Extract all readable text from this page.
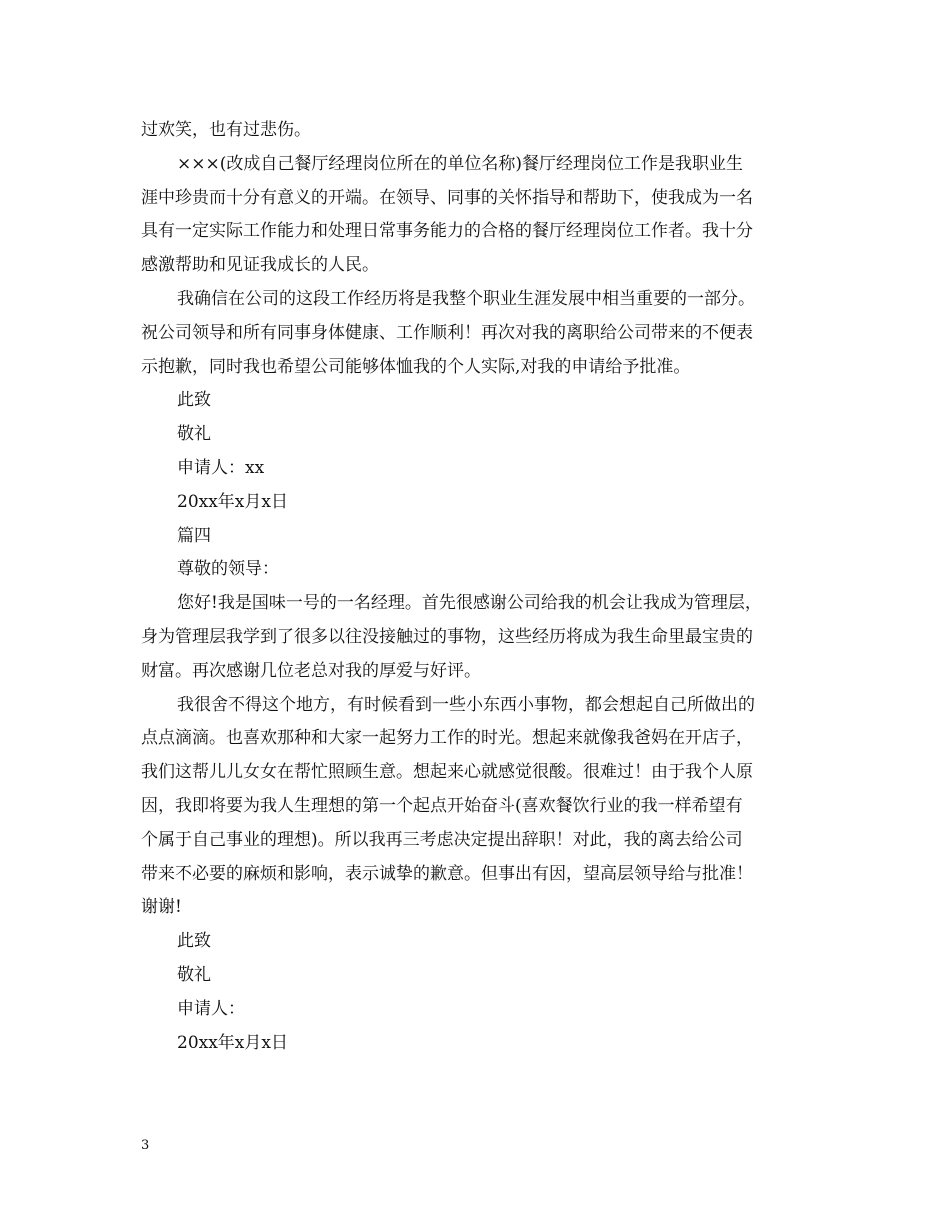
过欢笑，也有过悲伤。
×××(改成自己餐厅经理岗位所在的单位名称)餐厅经理岗位工作是我职业生
涯中珍贵而十分有意义的开端。在领导、同事的关怀指导和帮助下，使我成为一名
具有一定实际工作能力和处理日常事务能力的合格的餐厅经理岗位工作者。我十分
感激帮助和见证我成长的人民。
我确信在公司的这段工作经历将是我整个职业生涯发展中相当重要的一部分。
祝公司领导和所有同事身体健康、工作顺利！再次对我的离职给公司带来的不便表
示抱歉，同时我也希望公司能够体恤我的个人实际,对我的申请给予批准。
此致
敬礼
申请人：xx
20xx年x月x日
篇四
尊敬的领导：
您好!我是国味一号的一名经理。首先很感谢公司给我的机会让我成为管理层，
身为管理层我学到了很多以往没接触过的事物，这些经历将成为我生命里最宝贵的
财富。再次感谢几位老总对我的厚爱与好评。
我很舍不得这个地方，有时候看到一些小东西小事物，都会想起自己所做出的
点点滴滴。也喜欢那种和大家一起努力工作的时光。想起来就像我爸妈在开店子，
我们这帮儿儿女女在帮忙照顾生意。想起来心就感觉很酸。很难过！由于我个人原
因，我即将要为我人生理想的第一个起点开始奋斗(喜欢餐饮行业的我一样希望有
个属于自己事业的理想)。所以我再三考虑决定提出辞职！对此，我的离去给公司
带来不必要的麻烦和影响，表示诚挚的歉意。但事出有因，望高层领导给与批准！
谢谢!
此致
敬礼
申请人：
20xx年x月x日
3
